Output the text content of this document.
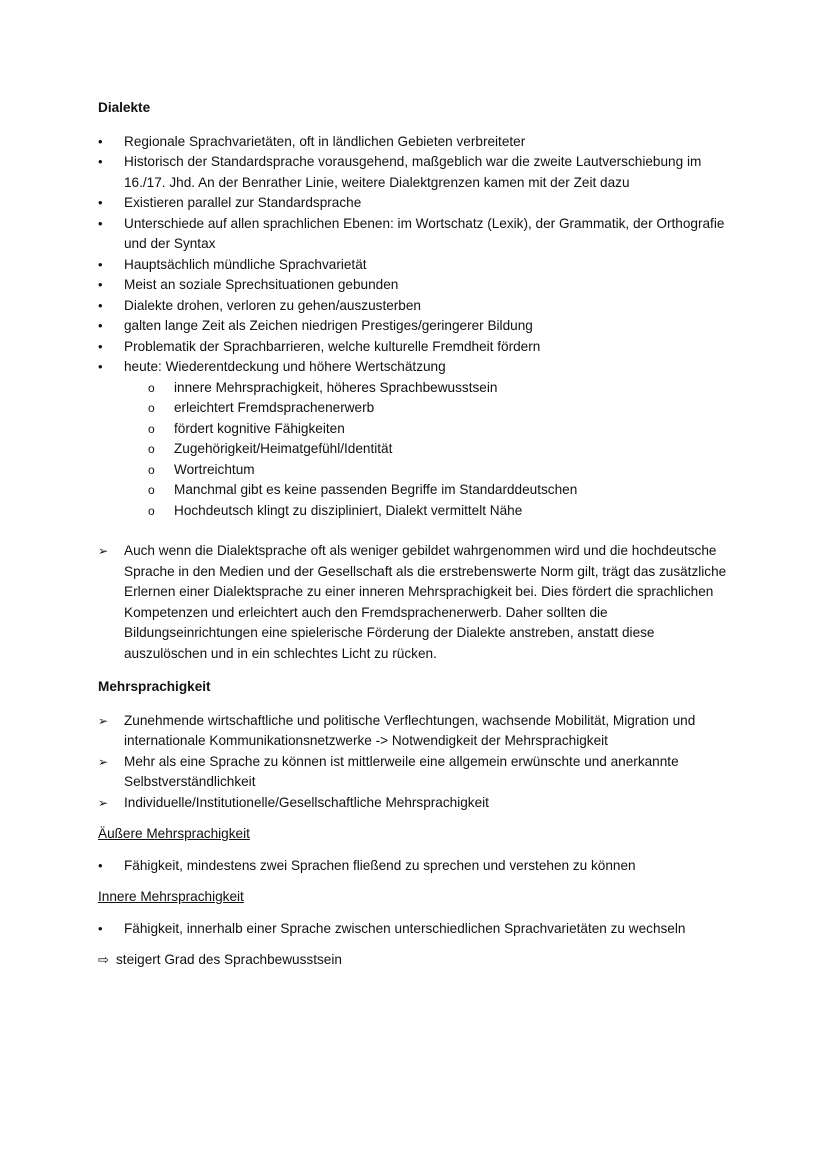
Dialekte
•	Regionale Sprachvarietäten, oft in ländlichen Gebieten verbreiteter
•	Historisch der Standardsprache vorausgehend, maßgeblich war die zweite Lautverschiebung im 16./17. Jhd. An der Benrather Linie, weitere Dialektgrenzen kamen mit der Zeit dazu
•	Existieren parallel zur Standardsprache
•	Unterschiede auf allen sprachlichen Ebenen: im Wortschatz (Lexik), der Grammatik, der Orthografie und der Syntax
•	Hauptsächlich mündliche Sprachvarietät
•	Meist an soziale Sprechsituationen gebunden
•	Dialekte drohen, verloren zu gehen/auszusterben
•	galten lange Zeit als Zeichen niedrigen Prestiges/geringerer Bildung
•	Problematik der Sprachbarrieren, welche kulturelle Fremdheit fördern
•	heute: Wiederentdeckung und höhere Wertschätzung
o innere Mehrsprachigkeit, höheres Sprachbewusstsein
o erleichtert Fremdsprachenerwerb
o fördert kognitive Fähigkeiten
o Zugehörigkeit/Heimatgefühl/Identität
o Wortreichtum
o Manchmal gibt es keine passenden Begriffe im Standarddeutschen
o Hochdeutsch klingt zu diszipliniert, Dialekt vermittelt Nähe
➢	Auch wenn die Dialektsprache oft als weniger gebildet wahrgenommen wird und die hochdeutsche Sprache in den Medien und der Gesellschaft als die erstrebenswerte Norm gilt, trägt das zusätzliche Erlernen einer Dialektsprache zu einer inneren Mehrsprachigkeit bei. Dies fördert die sprachlichen Kompetenzen und erleichtert auch den Fremdsprachenerwerb. Daher sollten die Bildungseinrichtungen eine spielerische Förderung der Dialekte anstreben, anstatt diese auszulöschen und in ein schlechtes Licht zu rücken.
Mehrsprachigkeit
➢	Zunehmende wirtschaftliche und politische Verflechtungen, wachsende Mobilität, Migration und internationale Kommunikationsnetzwerke -> Notwendigkeit der Mehrsprachigkeit
➢	Mehr als eine Sprache zu können ist mittlerweile eine allgemein erwünschte und anerkannte Selbstverständlichkeit
➢	Individuelle/Institutionelle/Gesellschaftliche Mehrsprachigkeit

Äußere Mehrsprachigkeit

•	Fähigkeit, mindestens zwei Sprachen fließend zu sprechen und verstehen zu können

Innere Mehrsprachigkeit

•	Fähigkeit, innerhalb einer Sprache zwischen unterschiedlichen Sprachvarietäten zu wechseln
⇨ steigert Grad des Sprachbewusstsein
